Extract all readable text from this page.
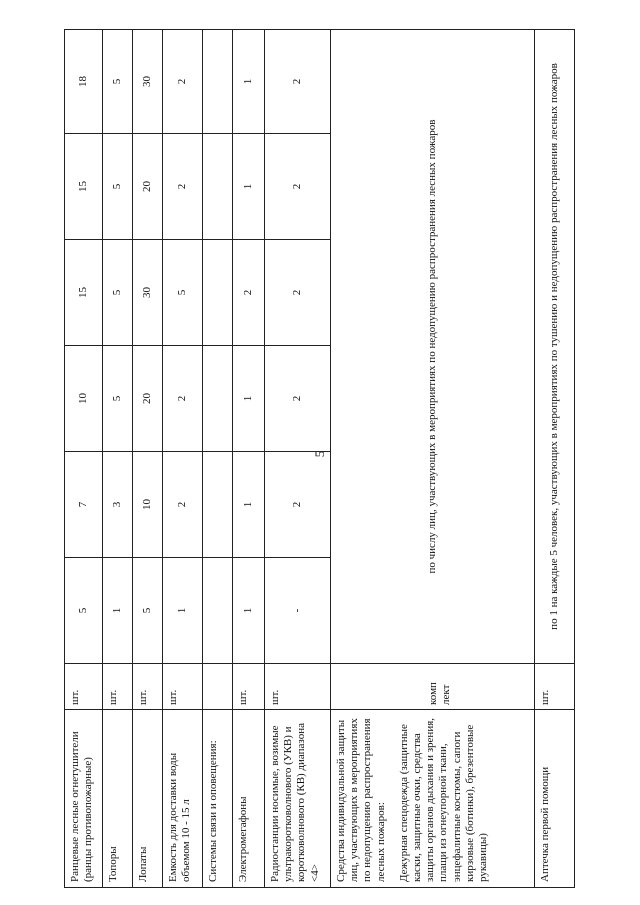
5
Ранцевые лесные огнетушители (ранцы противопожарные)	шт.	5	7	10	15	15	18
Топоры	шт.	1	3	5	5	5	5
Лопаты	шт.	5	10	20	30	20	30
Емкость для доставки воды объемом 10 - 15 л	шт.	1	2	2	5	2	2
Системы связи и оповещения:							
Электромегафоны	шт.	1	1	1	2	1	1
Радиостанции носимые, возимые ультракоротковолнового (УКВ) и коротковолнового (КВ) диапазона <4>	шт.	-	2	2	2	2	2

Средства индивидуальной защиты лиц, участвующих в мероприятиях по недопущению распространения лесных пожаров: Дежурная спецодежда (защитные каски, защитные очки, средства защиты органов дыхания и зрения, плащи из огнеупорной ткани, энцефалитные костюмы, сапоги кирзовые (ботинки), брезентовые рукавицы)	комп лект	по числу лиц, участвующих в мероприятиях по недопущению распространения лесных пожаров					
Аптечка первой помощи	шт.	по 1 на каждые 5 человек, участвующих в мероприятиях по тушению и недопущению распространения лесных пожаров					
